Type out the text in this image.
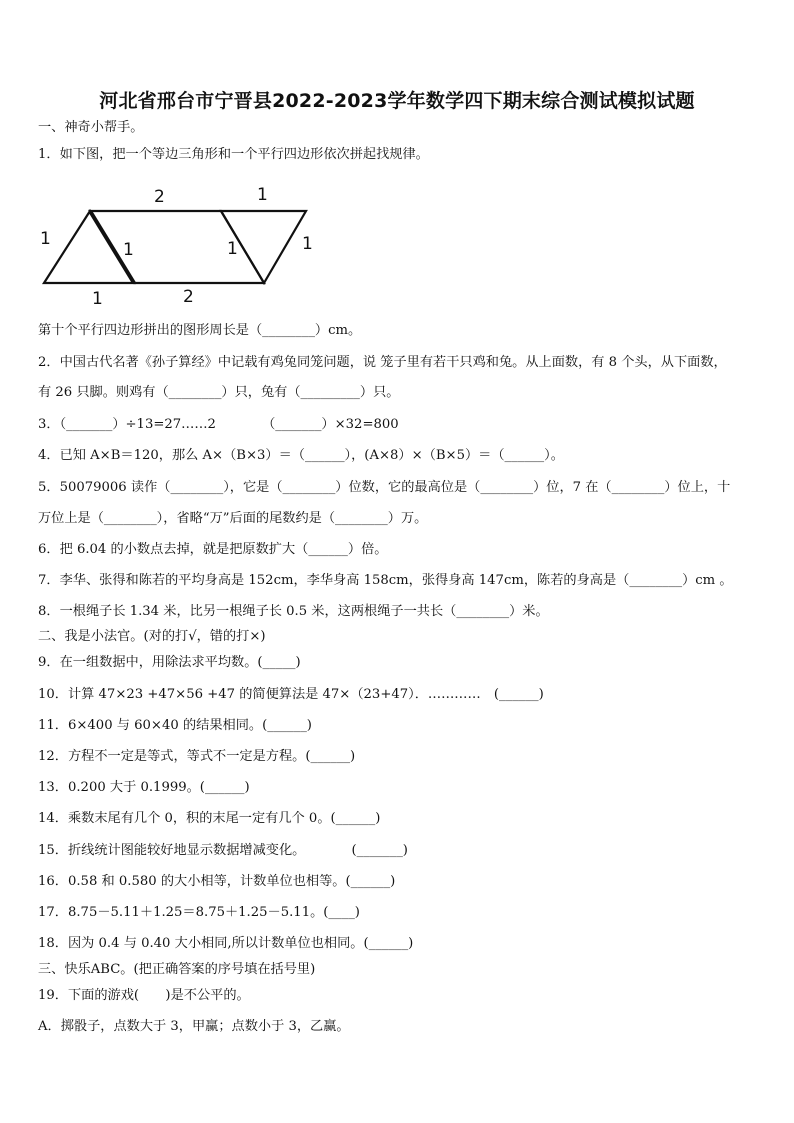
河北省邢台市宁晋县2022-2023学年数学四下期末综合测试模拟试题
一、神奇小帮手。
1．如下图，把一个等边三角形和一个平行四边形依次拼起找规律。
2	1
1
1	1	1
1	2
第十个平行四边形拼出的图形周长是（________）cm。
2．中国古代名著《孙子算经》中记载有鸡兔同笼问题，说 笼子里有若干只鸡和兔。从上面数，有 8 个头，从下面数，
有 26 只脚。则鸡有（________）只，兔有（_________）只。
3．（_______）÷13=27……2　　　　（_______）×32=800
4．已知 A×B＝120，那么 A×（B×3）＝（______），(A×8）×（B×5）＝（______）。
5．50079006 读作（________），它是（________）位数，它的最高位是（________）位，7 在（________）位上，十
万位上是（________），省略“万”后面的尾数约是（________）万。
6．把 6.04 的小数点去掉，就是把原数扩大（______）倍。
7．李华、张得和陈若的平均身高是 152cm，李华身高 158cm，张得身高 147cm，陈若的身高是（________）cm 。
8．一根绳子长 1.34 米，比另一根绳子长 0.5 米，这两根绳子一共长（________）米。
二、我是小法官。(对的打√，错的打×)
9．在一组数据中，用除法求平均数。(_____)
10．计算 47×23 +47×56 +47 的简便算法是 47×（23+47）．…………　(______)
11．6×400 与 60×40 的结果相同。(______)
12．方程不一定是等式，等式不一定是方程。(______)
13．0.200 大于 0.1999。(______)
14．乘数末尾有几个 0，积的末尾一定有几个 0。(______)
15．折线统计图能较好地显示数据增减变化。　　　　(_______)
16．0.58 和 0.580 的大小相等，计数单位也相等。(______)
17．8.75－5.11＋1.25＝8.75＋1.25－5.11。(____)
18．因为 0.4 与 0.40 大小相同,所以计数单位也相同。(______)
三、快乐ABC。(把正确答案的序号填在括号里)
19．下面的游戏(　　)是不公平的。
A．掷骰子，点数大于 3，甲赢；点数小于 3，乙赢。
